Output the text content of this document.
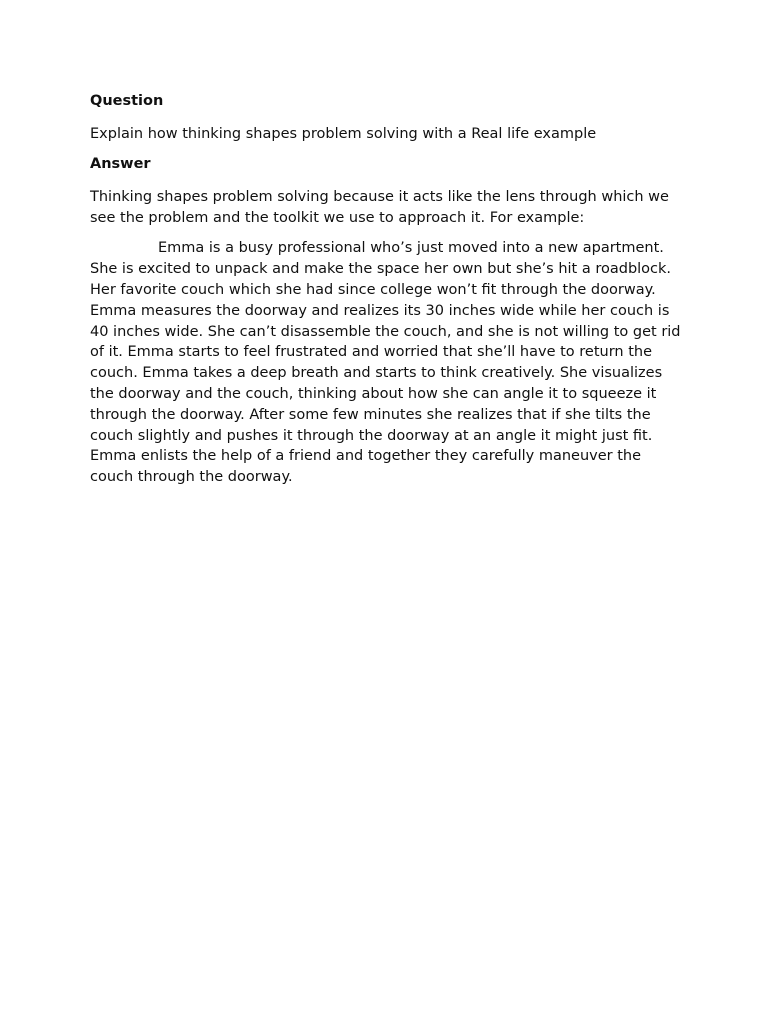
Question
Explain how thinking shapes problem solving with a Real life example
Answer
Thinking shapes problem solving because it acts like the lens through which we see the problem and the toolkit we use to approach it. For example:
Emma is a busy professional who’s just moved into a new apartment. She is excited to unpack and make the space her own but she’s hit a roadblock. Her favorite couch which she had since college won’t fit through the doorway. Emma measures the doorway and realizes its 30 inches wide while her couch is 40 inches wide. She can’t disassemble the couch, and she is not willing to get rid of it. Emma starts to feel frustrated and worried that she’ll have to return the couch. Emma takes a deep breath and starts to think creatively. She visualizes the doorway and the couch, thinking about how she can angle it to squeeze it through the doorway. After some few minutes she realizes that if she tilts the couch slightly and pushes it through the doorway at an angle it might just fit. Emma enlists the help of a friend and together they carefully maneuver the couch through the doorway.
